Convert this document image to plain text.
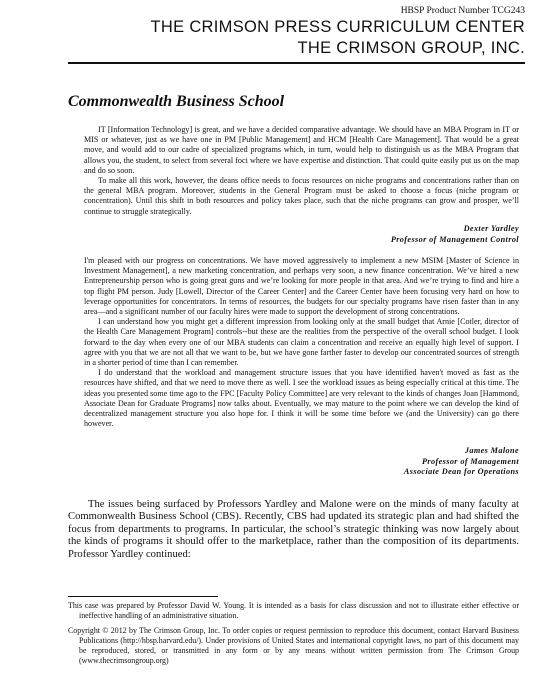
HBSP Product Number TCG243
THE CRIMSON PRESS CURRICULUM CENTER
THE CRIMSON GROUP, INC.
Commonwealth Business School

IT [Information Technology] is great, and we have a decided comparative advantage. We should have an MBA Program in IT or MIS or whatever, just as we have one in PM [Public Management] and HCM [Health Care Management]. That would be a great move, and would add to our cadre of specialized programs which, in turn, would help to distinguish us as the MBA Program that allows you, the student, to select from several foci where we have expertise and distinction. That could quite easily put us on the map and do so soon.

To make all this work, however, the deans office needs to focus resources on niche programs and concentrations rather than on the general MBA program. Moreover, students in the General Program must be asked to choose a focus (niche program or concentration). Until this shift in both resources and policy takes place, such that the niche programs can grow and prosper, we’ll continue to struggle strategically.

Dexter Yardley
Professor of Management Control

I'm pleased with our progress on concentrations. We have moved aggressively to implement a new MSIM [Master of Science in Investment Management], a new marketing concentration, and perhaps very soon, a new finance concentration. We’ve hired a new Entrepreneurship person who is going great guns and we’re looking for more people in that area. And we’re trying to find and hire a top flight PM person. Judy [Lowell, Director of the Career Center] and the Career Center have been focusing very hard on how to leverage opportunities for concentrators. In terms of resources, the budgets for our specialty programs have risen faster than in any area—and a significant number of our faculty hires were made to support the development of strong concentrations.

I can understand how you might get a different impression from looking only at the small budget that Arnie [Cotler, director of the Health Care Management Program] controls--but these are the realities from the perspective of the overall school budget. I look forward to the day when every one of our MBA students can claim a concentration and receive an equally high level of support. I agree with you that we are not all that we want to be, but we have gone farther faster to develop our concentrated sources of strength in a shorter period of time than I can remember.

I do understand that the workload and management structure issues that you have identified haven't moved as fast as the resources have shifted, and that we need to move there as well. I see the workload issues as being especially critical at this time. The ideas you presented some time ago to the FPC [Faculty Policy Committee] are very relevant to the kinds of changes Joan [Hammond, Associate Dean for Graduate Programs] now talks about. Eventually, we may mature to the point where we can develop the kind of decentralized management structure you also hope for. I think it will be some time before we (and the University) can go there however.

James Malone
Professor of Management
Associate Dean for Operations

The issues being surfaced by Professors Yardley and Malone were on the minds of many faculty at Commonwealth Business School (CBS). Recently, CBS had updated its strategic plan and had shifted the focus from departments to programs. In particular, the school’s strategic thinking was now largely about the kinds of programs it should offer to the marketplace, rather than the composition of its departments. Professor Yardley continued:

This case was prepared by Professor David W. Young. It is intended as a basis for class discussion and not to illustrate either effective or ineffective handling of an administrative situation.

Copyright © 2012 by The Crimson Group, Inc. To order copies or request permission to reproduce this document, contact Harvard Business Publications (http://hbsp.harvard.edu/). Under provisions of United States and international copyright laws, no part of this document may be reproduced, stored, or transmitted in any form or by any means without written permission from The Crimson Group (www.thecrimsongroup.org)
